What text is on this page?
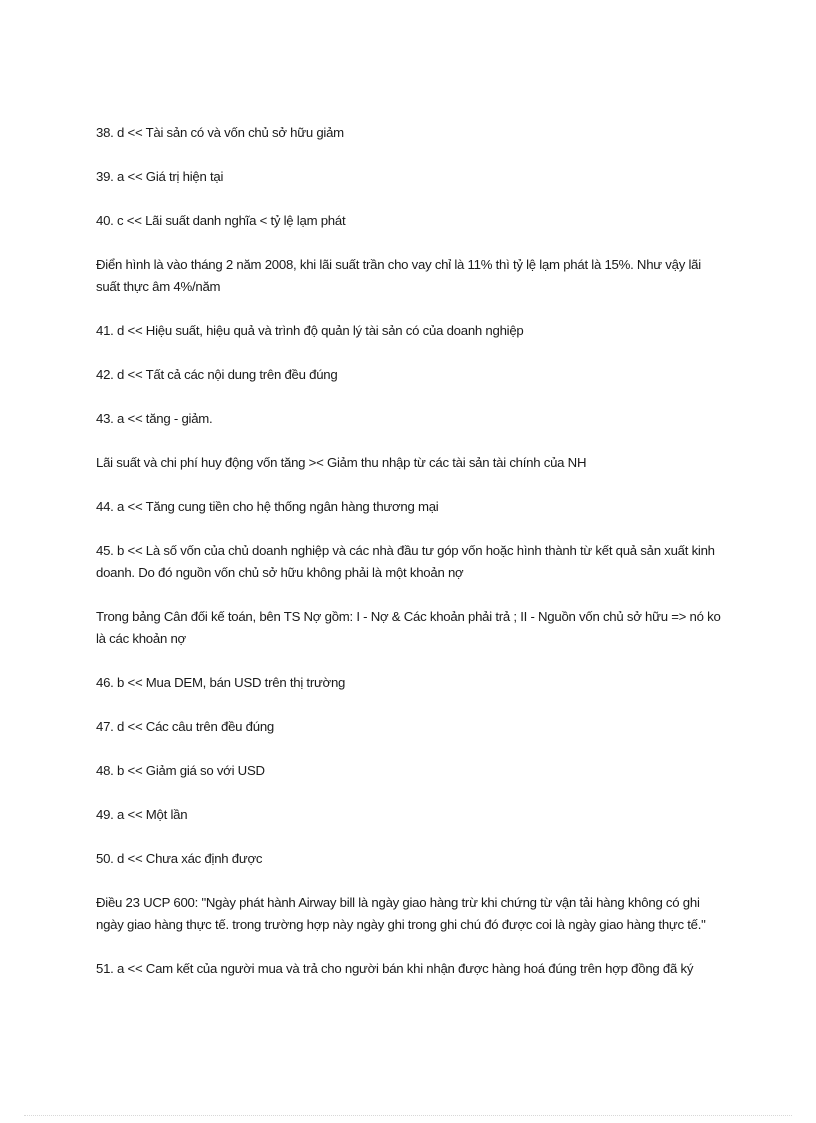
38. d << Tài sản có và vốn chủ sở hữu giảm

39. a << Giá trị hiện tại

40. c << Lãi suất danh nghĩa < tỷ lệ lạm phát

Điển hình là vào tháng 2 năm 2008, khi lãi suất trần cho vay chỉ là 11% thì tỷ lệ lạm phát là 15%. Như vậy lãi suất thực âm 4%/năm

41. d << Hiệu suất, hiệu quả và trình độ quản lý tài sản có của doanh nghiệp

42. d << Tất cả các nội dung trên đều đúng

43. a << tăng - giảm.

Lãi suất và chi phí huy động vốn tăng >< Giảm thu nhập từ các tài sản tài chính của NH

44. a << Tăng cung tiền cho hệ thống ngân hàng thương mại

45. b << Là số vốn của chủ doanh nghiệp và các nhà đầu tư góp vốn hoặc hình thành từ kết quả sản xuất kinh doanh. Do đó nguồn vốn chủ sở hữu không phải là một khoản nợ

Trong bảng Cân đối kế toán, bên TS Nợ gồm: I - Nợ & Các khoản phải trả ; II - Nguồn vốn chủ sở hữu => nó ko là các khoản nợ

46. b << Mua DEM, bán USD trên thị trường

47. d << Các câu trên đều đúng

48. b << Giảm giá so với USD

49. a << Một lần

50. d << Chưa xác định được

Điều 23 UCP 600: "Ngày phát hành Airway bill là ngày giao hàng trừ khi chứng từ vận tải hàng không có ghi ngày giao hàng thực tế. trong trường hợp này ngày ghi trong ghi chú đó được coi là ngày giao hàng thực tế."

51. a << Cam kết của người mua và trả cho người bán khi nhận được hàng hoá đúng trên hợp đồng đã ký
